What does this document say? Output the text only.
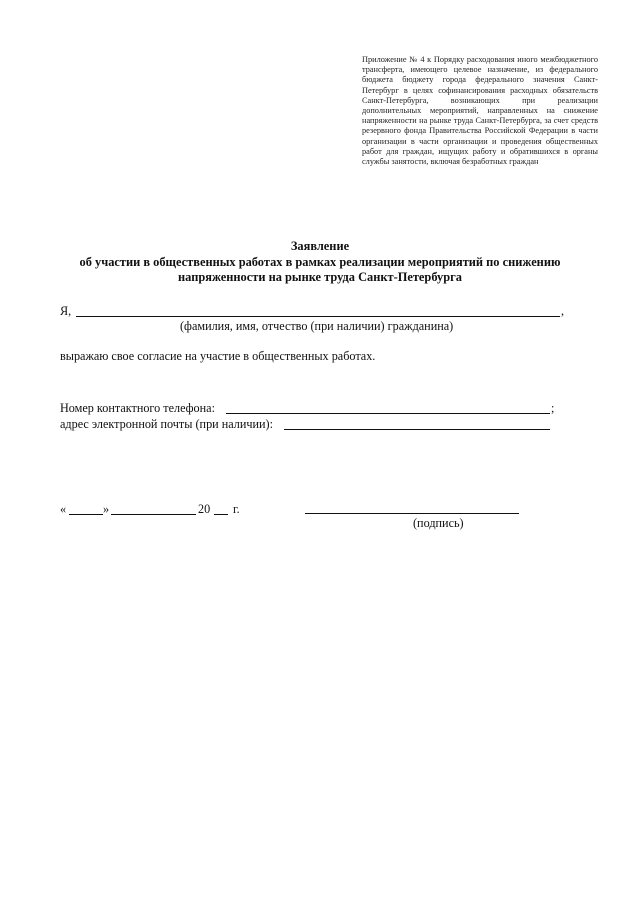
Приложение № 4 к Порядку расходования иного межбюджетного трансферта, имеющего целевое назначение, из федерального бюджета бюджету города федерального значения Санкт-Петербург в целях софинансирования расходных обязательств Санкт-Петербурга, возникающих при реализации дополнительных мероприятий, направленных на снижение напряженности на рынке труда Санкт-Петербурга, за счет средств резервного фонда Правительства Российской Федерации в части организации в части организации и проведения общественных работ для граждан, ищущих работу и обратившихся в органы службы занятости, включая безработных граждан
Заявление
об участии в общественных работах в рамках реализации мероприятий по снижению
напряженности на рынке труда Санкт-Петербурга
Я,	,
(фамилия, имя, отчество (при наличии) гражданина)
выражаю свое согласие на участие в общественных работах.
Номер контактного телефона:	;
адрес электронной почты (при наличии):
«	»	20 г.
(подпись)
